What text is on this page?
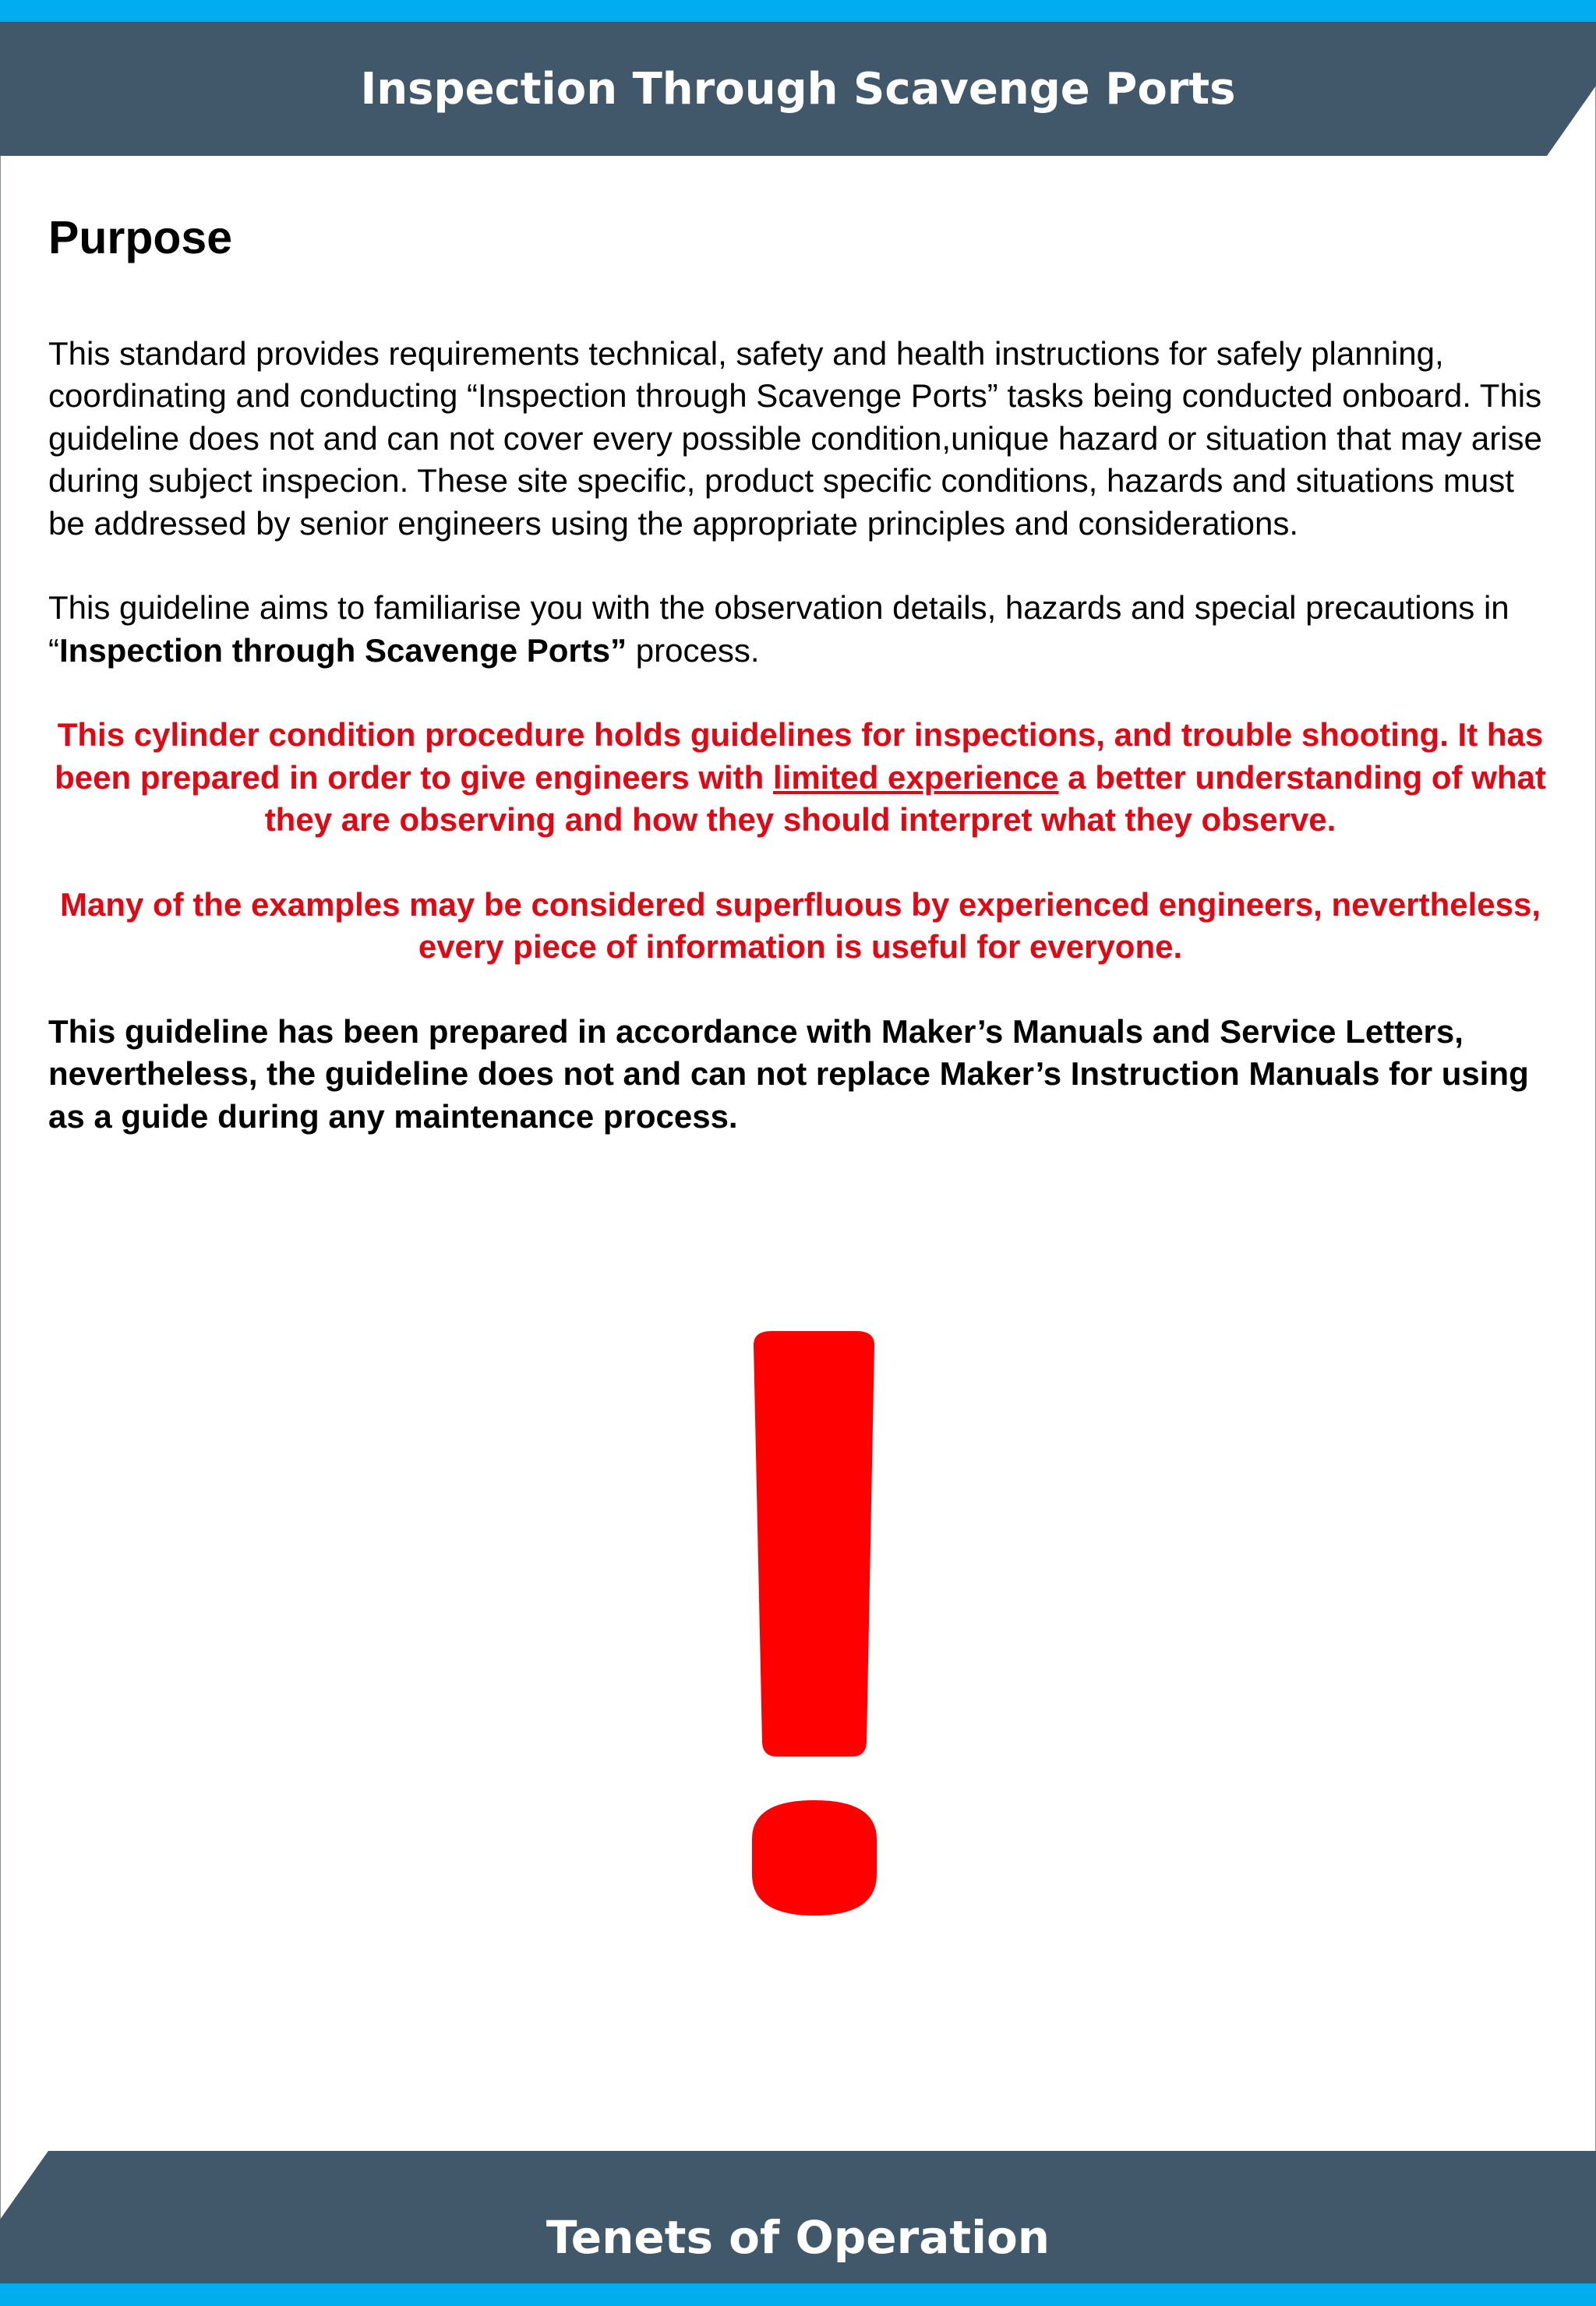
Inspection Through Scavenge Ports
Purpose

This standard provides requirements technical, safety and health instructions for safely planning, coordinating and conducting “Inspection through Scavenge Ports” tasks being conducted onboard. This guideline does not and can not cover every possible condition,unique hazard or situation that may arise during subject inspecion. These site specific, product specific conditions, hazards and situations must be addressed by senior engineers using the appropriate principles and considerations.

This guideline aims to familiarise you with the observation details, hazards and special precautions in “Inspection through Scavenge Ports” process.

This cylinder condition procedure holds guidelines for inspections, and trouble shooting. It has been prepared in order to give engineers with limited experience a better understanding of what they are observing and how they should interpret what they observe.

Many of the examples may be considered superfluous by experienced engineers, nevertheless, every piece of information is useful for everyone.

This guideline has been prepared in accordance with Maker’s Manuals and Service Letters, nevertheless, the guideline does not and can not replace Maker’s Instruction Manuals for using as a guide during any maintenance process.

Tenets of Operation
